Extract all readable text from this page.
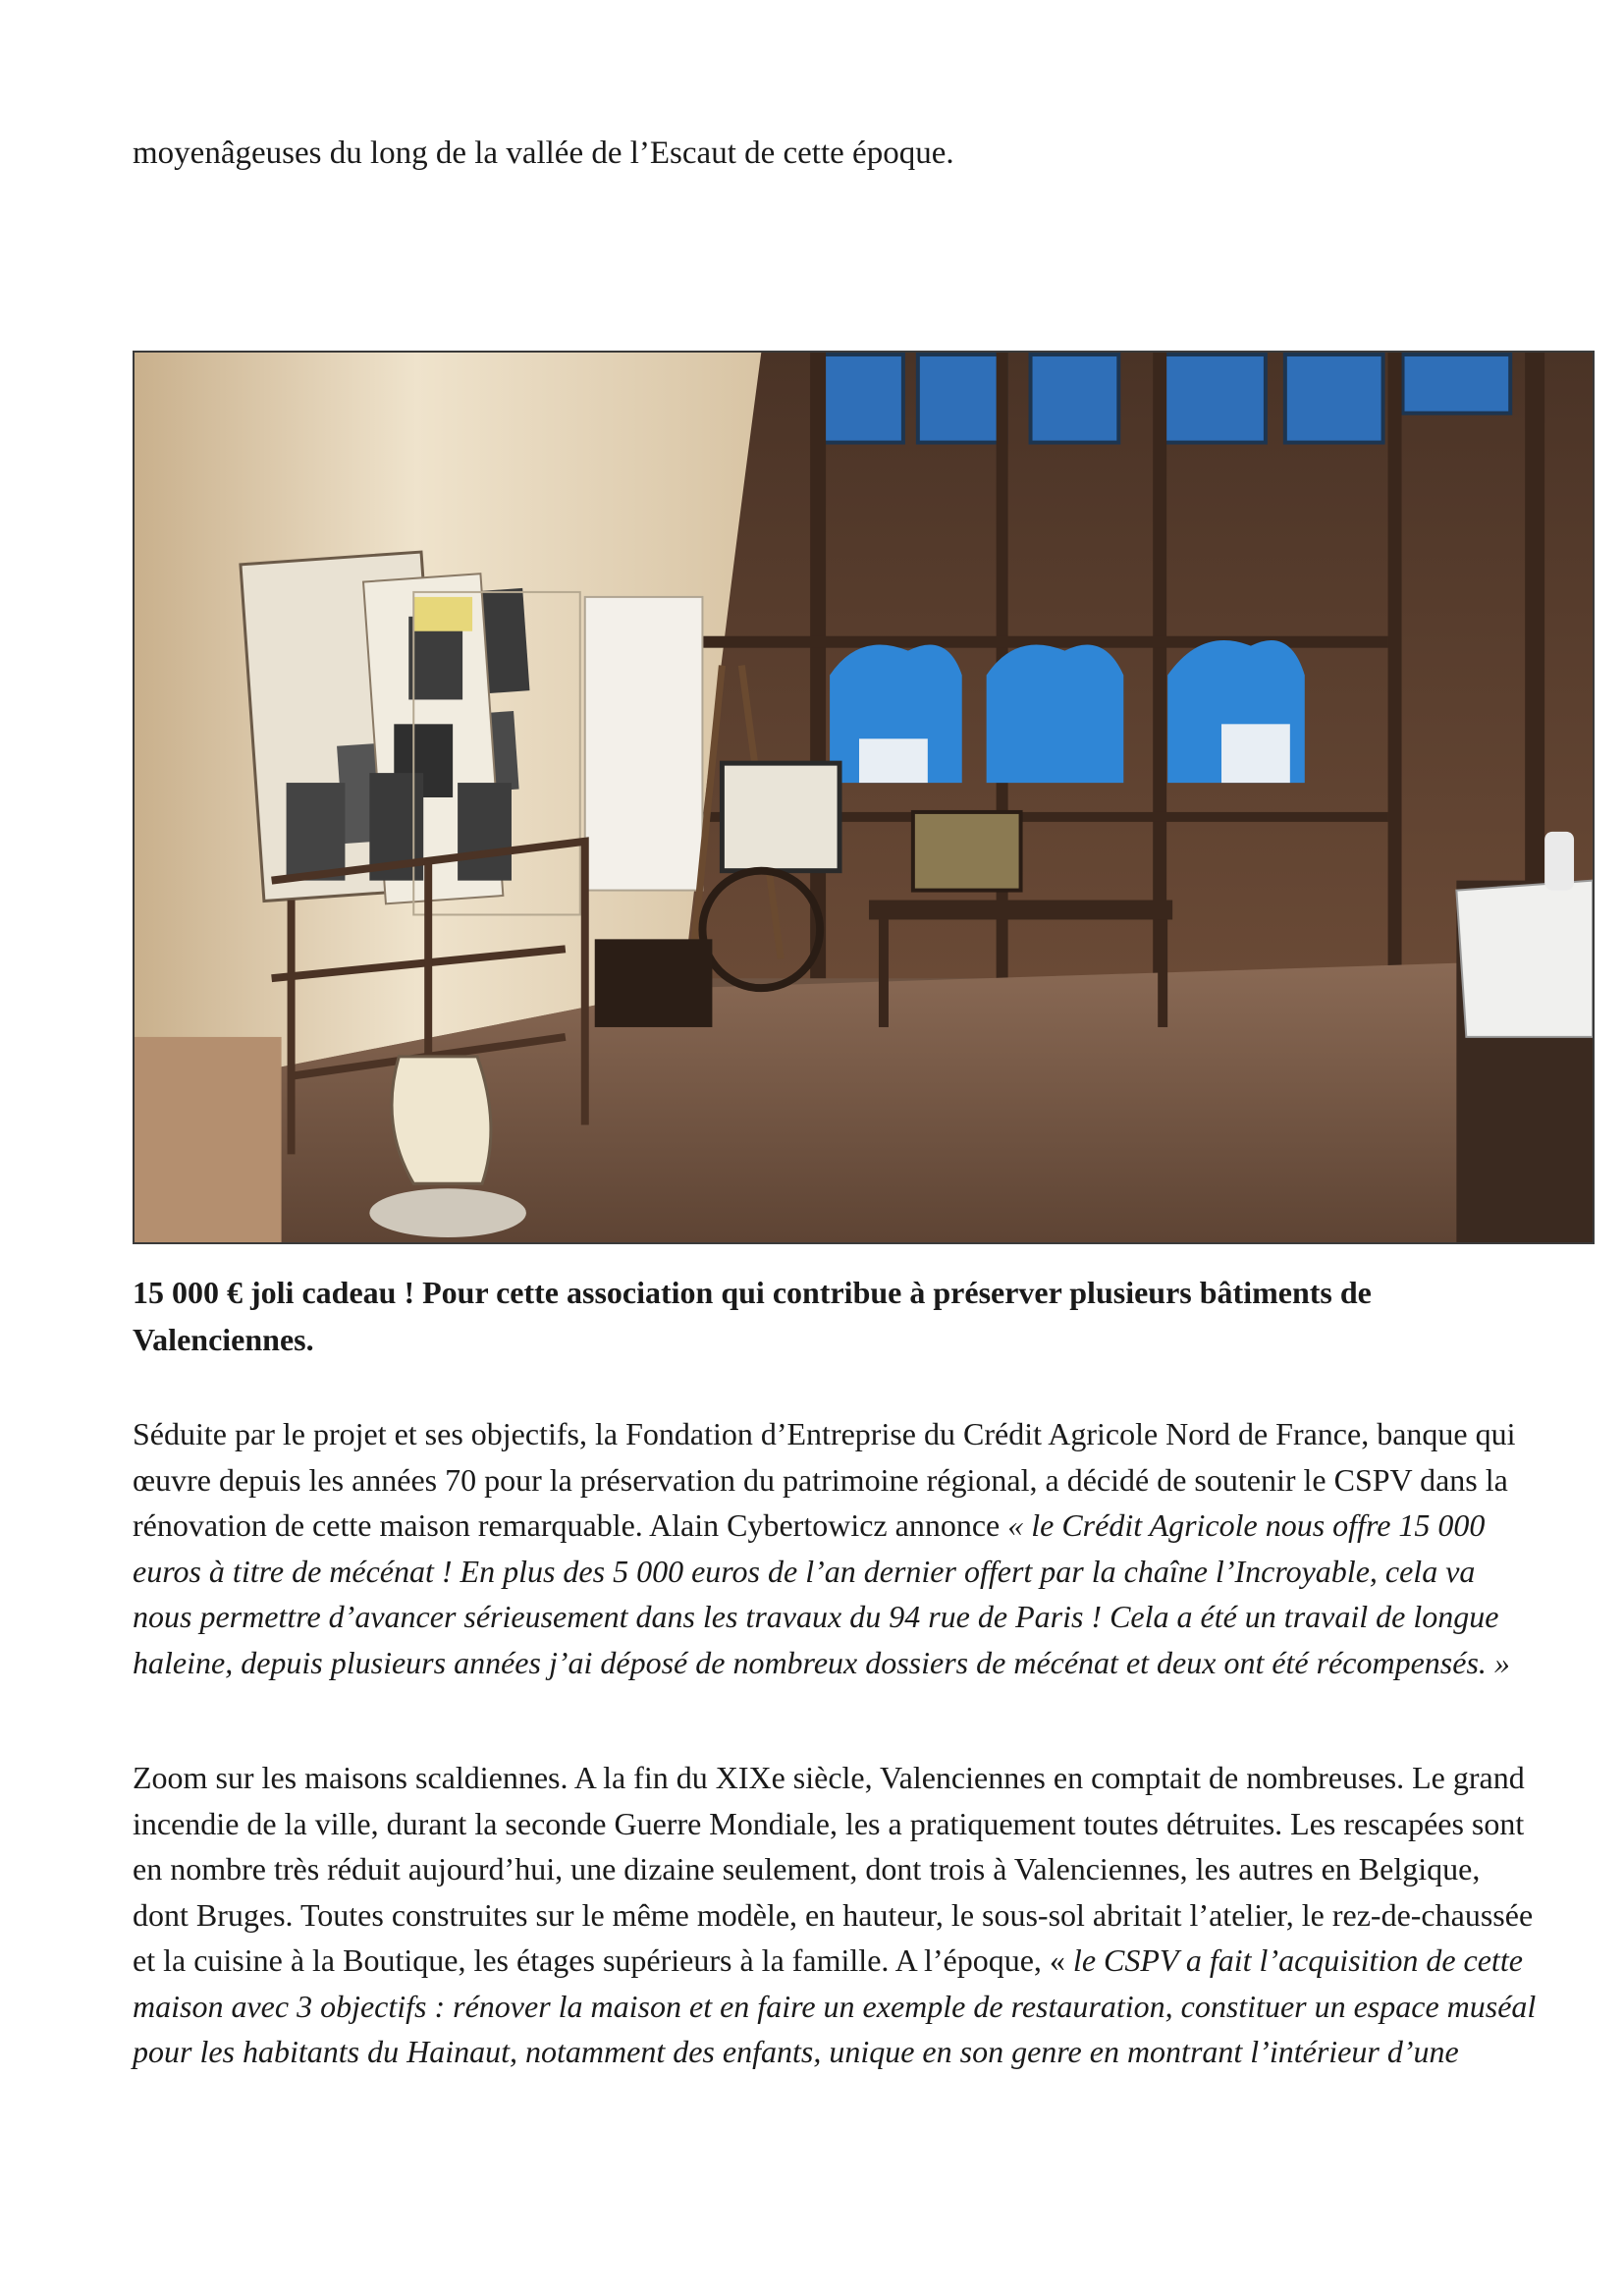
moyenâgeuses du long de la vallée de l’Escaut de cette époque.
15 000 € joli cadeau ! Pour cette association qui contribue à préserver plusieurs bâtiments de Valenciennes.

Séduite par le projet et ses objectifs, la Fondation d’Entreprise du Crédit Agricole Nord de France, banque qui œuvre depuis les années 70 pour la préservation du patrimoine régional, a décidé de soutenir le CSPV dans la rénovation de cette maison remarquable. Alain Cybertowicz annonce « le Crédit Agricole nous offre 15 000 euros à titre de mécénat ! En plus des 5 000 euros de l’an dernier offert par la chaîne l’Incroyable, cela va nous permettre d’avancer sérieusement dans les travaux du 94 rue de Paris ! Cela a été un travail de longue haleine, depuis plusieurs années j’ai déposé de nombreux dossiers de mécénat et deux ont été récompensés. »

Zoom sur les maisons scaldiennes. A la fin du XIXe siècle, Valenciennes en comptait de nombreuses. Le grand incendie de la ville, durant la seconde Guerre Mondiale, les a pratiquement toutes détruites. Les rescapées sont en nombre très réduit aujourd’hui, une dizaine seulement, dont trois à Valenciennes, les autres en Belgique, dont Bruges. Toutes construites sur le même modèle, en hauteur, le sous-sol abritait l’atelier, le rez-de-chaussée et la cuisine à la Boutique, les étages supérieurs à la famille. A l’époque, « le CSPV a fait l’acquisition de cette maison avec 3 objectifs : rénover la maison et en faire un exemple de restauration, constituer un espace muséal pour les habitants du Hainaut, notamment des enfants, unique en son genre en montrant l’intérieur d’une
